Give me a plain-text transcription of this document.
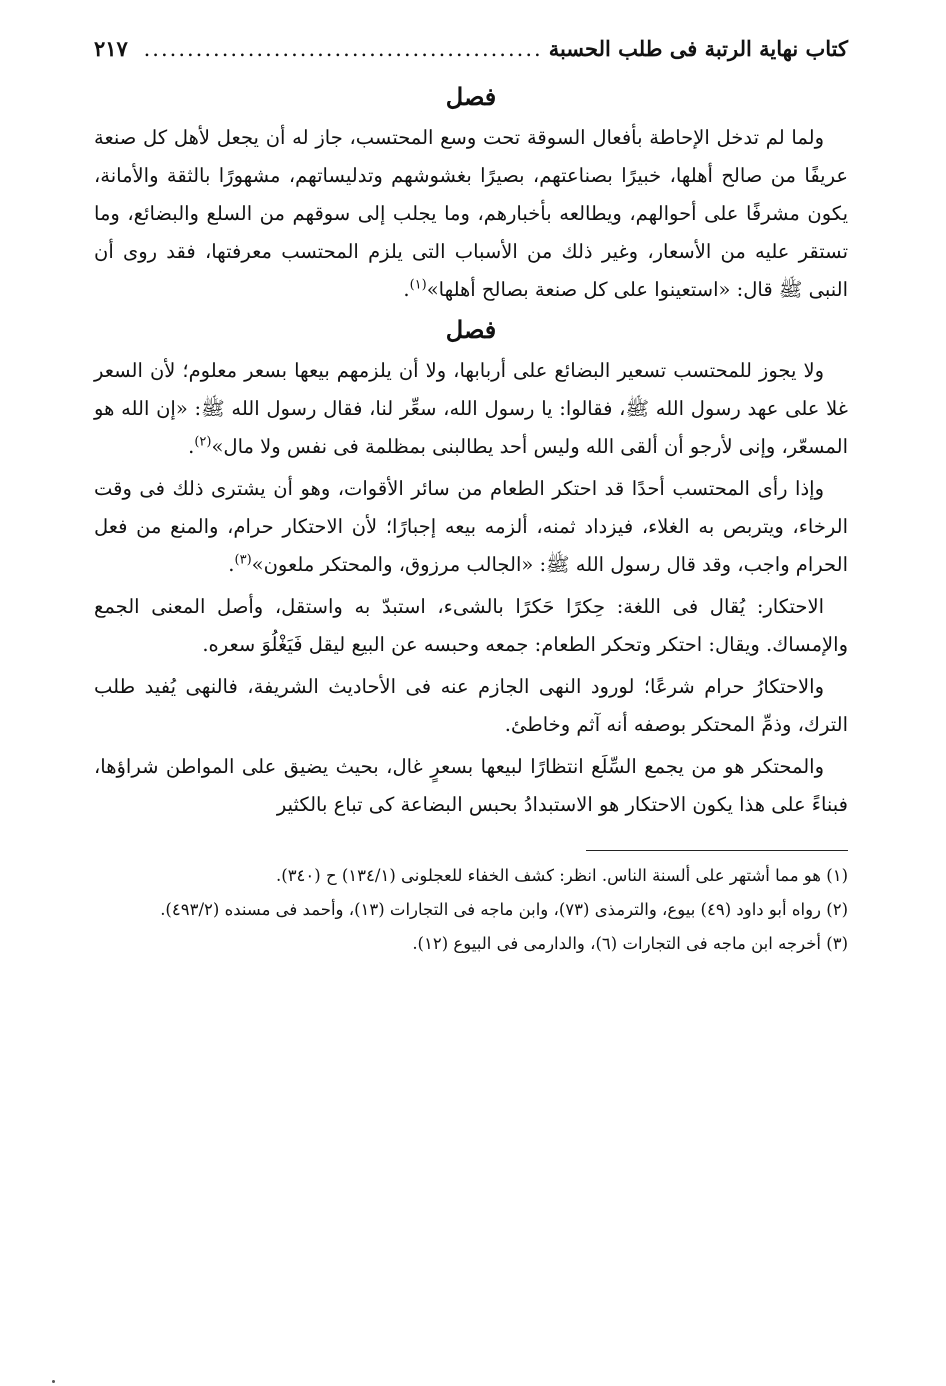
كتاب نهاية الرتبة فى طلب الحسبة
..............................................
٢١٧
فصل

ولما لم تدخل الإحاطة بأفعال السوقة تحت وسع المحتسب، جاز له أن يجعل لأهل كل صنعة عريفًا من صالح أهلها، خبيرًا بصناعتهم، بصيرًا بغشوشهم وتدليساتهم، مشهورًا بالثقة والأمانة، يكون مشرفًا على أحوالهم، ويطالعه بأخبارهم، وما يجلب إلى سوقهم من السلع والبضائع، وما تستقر عليه من الأسعار، وغير ذلك من الأسباب التى يلزم المحتسب معرفتها، فقد روى أن النبى ﷺ قال: «استعينوا على كل صنعة بصالح أهلها»$^{(١)}$.

فصل

ولا يجوز للمحتسب تسعير البضائع على أربابها، ولا أن يلزمهم بيعها بسعر معلوم؛ لأن السعر غلا على عهد رسول الله ﷺ، فقالوا: يا رسول الله، سعِّر لنا، فقال رسول الله ﷺ: «إن الله هو المسعّر، وإنى لأرجو أن ألقى الله وليس أحد يطالبنى بمظلمة فى نفس ولا مال»$^{(٢)}$.

وإذا رأى المحتسب أحدًا قد احتكر الطعام من سائر الأقوات، وهو أن يشترى ذلك فى وقت الرخاء، ويتربص به الغلاء، فيزداد ثمنه، ألزمه بيعه إجبارًا؛ لأن الاحتكار حرام، والمنع من فعل الحرام واجب، وقد قال رسول الله ﷺ: «الجالب مرزوق، والمحتكر ملعون»$^{(٣)}$.

الاحتكار: يُقال فى اللغة: حِكرًا حَكرًا بالشىء، استبدّ به واستقل، وأصل المعنى الجمع والإمساك. ويقال: احتكر وتحكر الطعام: جمعه وحبسه عن البيع ليقل فَيَغْلُوَ سعره.

والاحتكارُ حرام شرعًا؛ لورود النهى الجازم عنه فى الأحاديث الشريفة، فالنهى يُفيد طلب الترك، وذمِّ المحتكر بوصفه أنه آثم وخاطئ.

والمحتكر هو من يجمع السِّلَع انتظارًا لبيعها بسعرٍ غال، بحيث يضيق على المواطن شراؤها، فبناءً على هذا يكون الاحتكار هو الاستبدادُ بحبس البضاعة كى تباع بالكثير

(١) هو مما أشتهر على ألسنة الناس. انظر: كشف الخفاء للعجلونى (١٣٤/١) ح (٣٤٠).

(٢) رواه أبو داود (٤٩) بيوع، والترمذى (٧٣)، وابن ماجه فى التجارات (١٣)، وأحمد فى مسنده (٤٩٣/٢).

(٣) أخرجه ابن ماجه فى التجارات (٦)، والدارمى فى البيوع (١٢).
